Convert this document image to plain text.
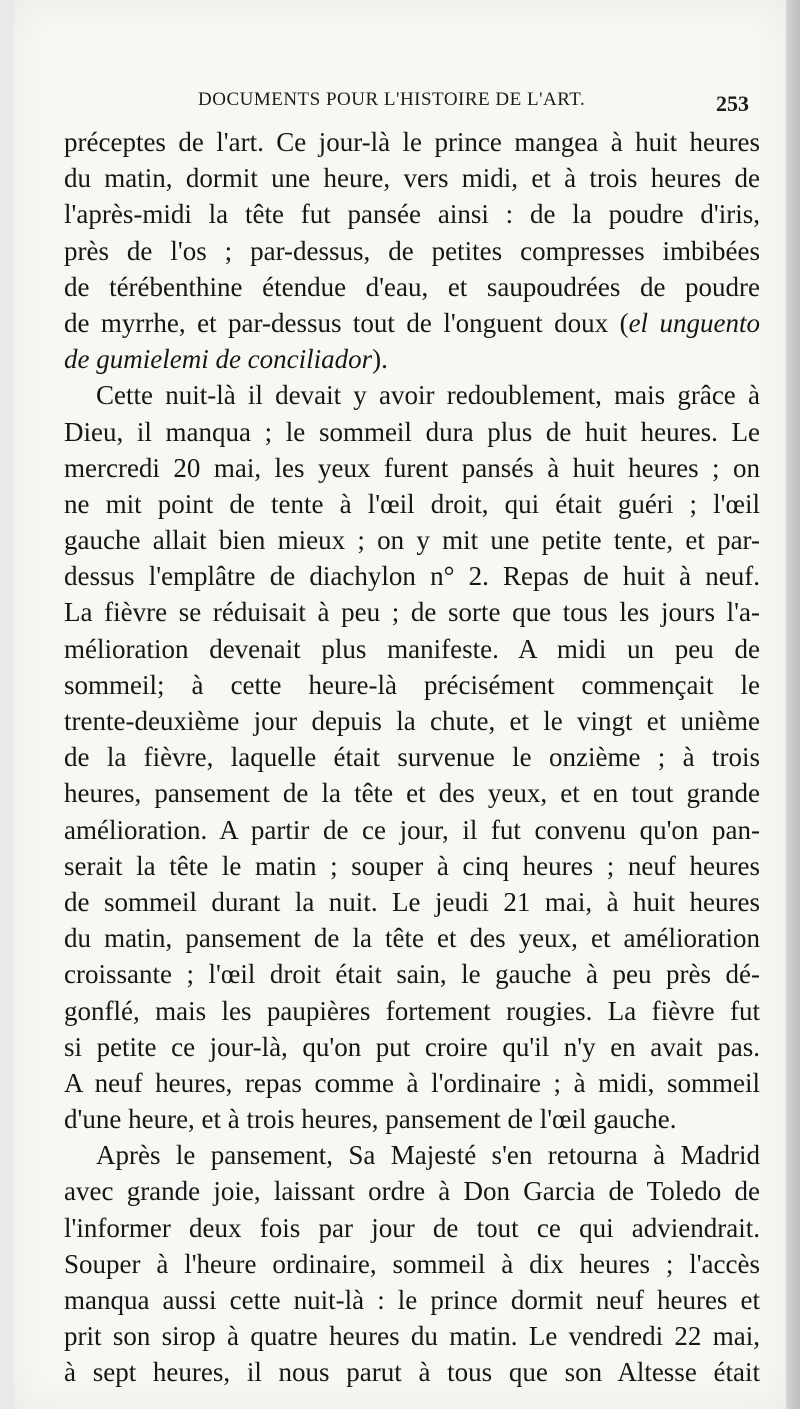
DOCUMENTS POUR L'HISTOIRE DE L'ART.	253
préceptes de l'art. Ce jour-là le prince mangea à huit heures
du matin, dormit une heure, vers midi, et à trois heures de
l'après-midi la tête fut pansée ainsi : de la poudre d'iris,
près de l'os ; par-dessus, de petites compresses imbibées
de térébenthine étendue d'eau, et saupoudrées de poudre
de myrrhe, et par-dessus tout de l'onguent doux (el unguento
de gumielemi de conciliador).
Cette nuit-là il devait y avoir redoublement, mais grâce à
Dieu, il manqua ; le sommeil dura plus de huit heures. Le
mercredi 20 mai, les yeux furent pansés à huit heures ; on
ne mit point de tente à l'œil droit, qui était guéri ; l'œil
gauche allait bien mieux ; on y mit une petite tente, et par-
dessus l'emplâtre de diachylon n° 2. Repas de huit à neuf.
La fièvre se réduisait à peu ; de sorte que tous les jours l'a-
mélioration devenait plus manifeste. A midi un peu de
sommeil; à cette heure-là précisément commençait le
trente-deuxième jour depuis la chute, et le vingt et unième
de la fièvre, laquelle était survenue le onzième ; à trois
heures, pansement de la tête et des yeux, et en tout grande
amélioration. A partir de ce jour, il fut convenu qu'on pan-
serait la tête le matin ; souper à cinq heures ; neuf heures
de sommeil durant la nuit. Le jeudi 21 mai, à huit heures
du matin, pansement de la tête et des yeux, et amélioration
croissante ; l'œil droit était sain, le gauche à peu près dé-
gonflé, mais les paupières fortement rougies. La fièvre fut
si petite ce jour-là, qu'on put croire qu'il n'y en avait pas.
A neuf heures, repas comme à l'ordinaire ; à midi, sommeil
d'une heure, et à trois heures, pansement de l'œil gauche.
Après le pansement, Sa Majesté s'en retourna à Madrid
avec grande joie, laissant ordre à Don Garcia de Toledo de
l'informer deux fois par jour de tout ce qui adviendrait.
Souper à l'heure ordinaire, sommeil à dix heures ; l'accès
manqua aussi cette nuit-là : le prince dormit neuf heures et
prit son sirop à quatre heures du matin. Le vendredi 22 mai,
à sept heures, il nous parut à tous que son Altesse était
